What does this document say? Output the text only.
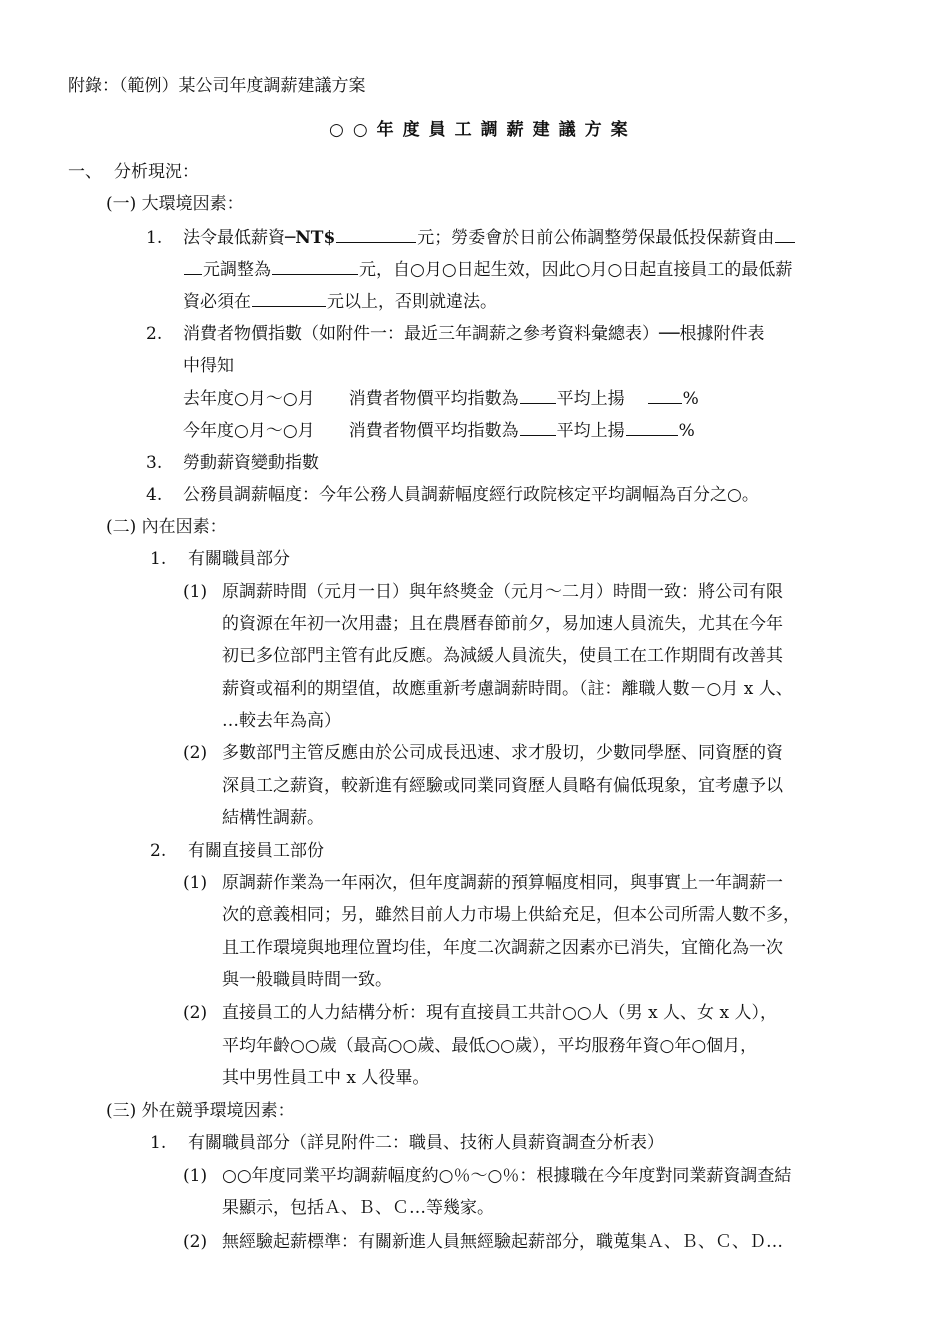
附錄：（範例）某公司年度調薪建議方案
○○年度員工調薪建議方案
一、 分析現況：
(一) 大環境因素：
1. 法令最低薪資─NT$	元；勞委會於日前公佈調整勞保最低投保薪資由
元調整為	元，自○月○日起生效，因此○月○日起直接員工的最低薪
資必須在	元以上，否則就違法。
2. 消費者物價指數（如附件一：最近三年調薪之參考資料彙總表）──根據附件表
中得知
去年度○月～○月 消費者物價平均指數為 平均上揚	%
今年度○月～○月 消費者物價平均指數為 平均上揚	%
3. 勞動薪資變動指數
4. 公務員調薪幅度：今年公務人員調薪幅度經行政院核定平均調幅為百分之○。
(二) 內在因素：
1. 有關職員部分
(1) 原調薪時間（元月一日）與年終獎金（元月～二月）時間一致：將公司有限
的資源在年初一次用盡；且在農曆春節前夕，易加速人員流失，尤其在今年
初已多位部門主管有此反應。為減緩人員流失，使員工在工作期間有改善其
薪資或福利的期望值，故應重新考慮調薪時間。（註：離職人數－○月 x 人、
…較去年為高）
(2) 多數部門主管反應由於公司成長迅速、求才殷切，少數同學歷、同資歷的資
深員工之薪資，較新進有經驗或同業同資歷人員略有偏低現象，宜考慮予以
結構性調薪。
2. 有關直接員工部份
(1) 原調薪作業為一年兩次，但年度調薪的預算幅度相同，與事實上一年調薪一
次的意義相同；另，雖然目前人力市場上供給充足，但本公司所需人數不多，
且工作環境與地理位置均佳，年度二次調薪之因素亦已消失，宜簡化為一次
與一般職員時間一致。
(2) 直接員工的人力結構分析：現有直接員工共計○○人（男 x 人、女 x 人），
平均年齡○○歲（最高○○歲、最低○○歲），平均服務年資○年○個月，
其中男性員工中 x 人役畢。
(三) 外在競爭環境因素：
1. 有關職員部分（詳見附件二：職員、技術人員薪資調查分析表）
(1) ○○年度同業平均調薪幅度約○％～○％：根據職在今年度對同業薪資調查結
果顯示，包括Ａ、Ｂ、Ｃ…等幾家。
(2) 無經驗起薪標準：有關新進人員無經驗起薪部分，職蒐集Ａ、Ｂ、Ｃ、Ｄ…
